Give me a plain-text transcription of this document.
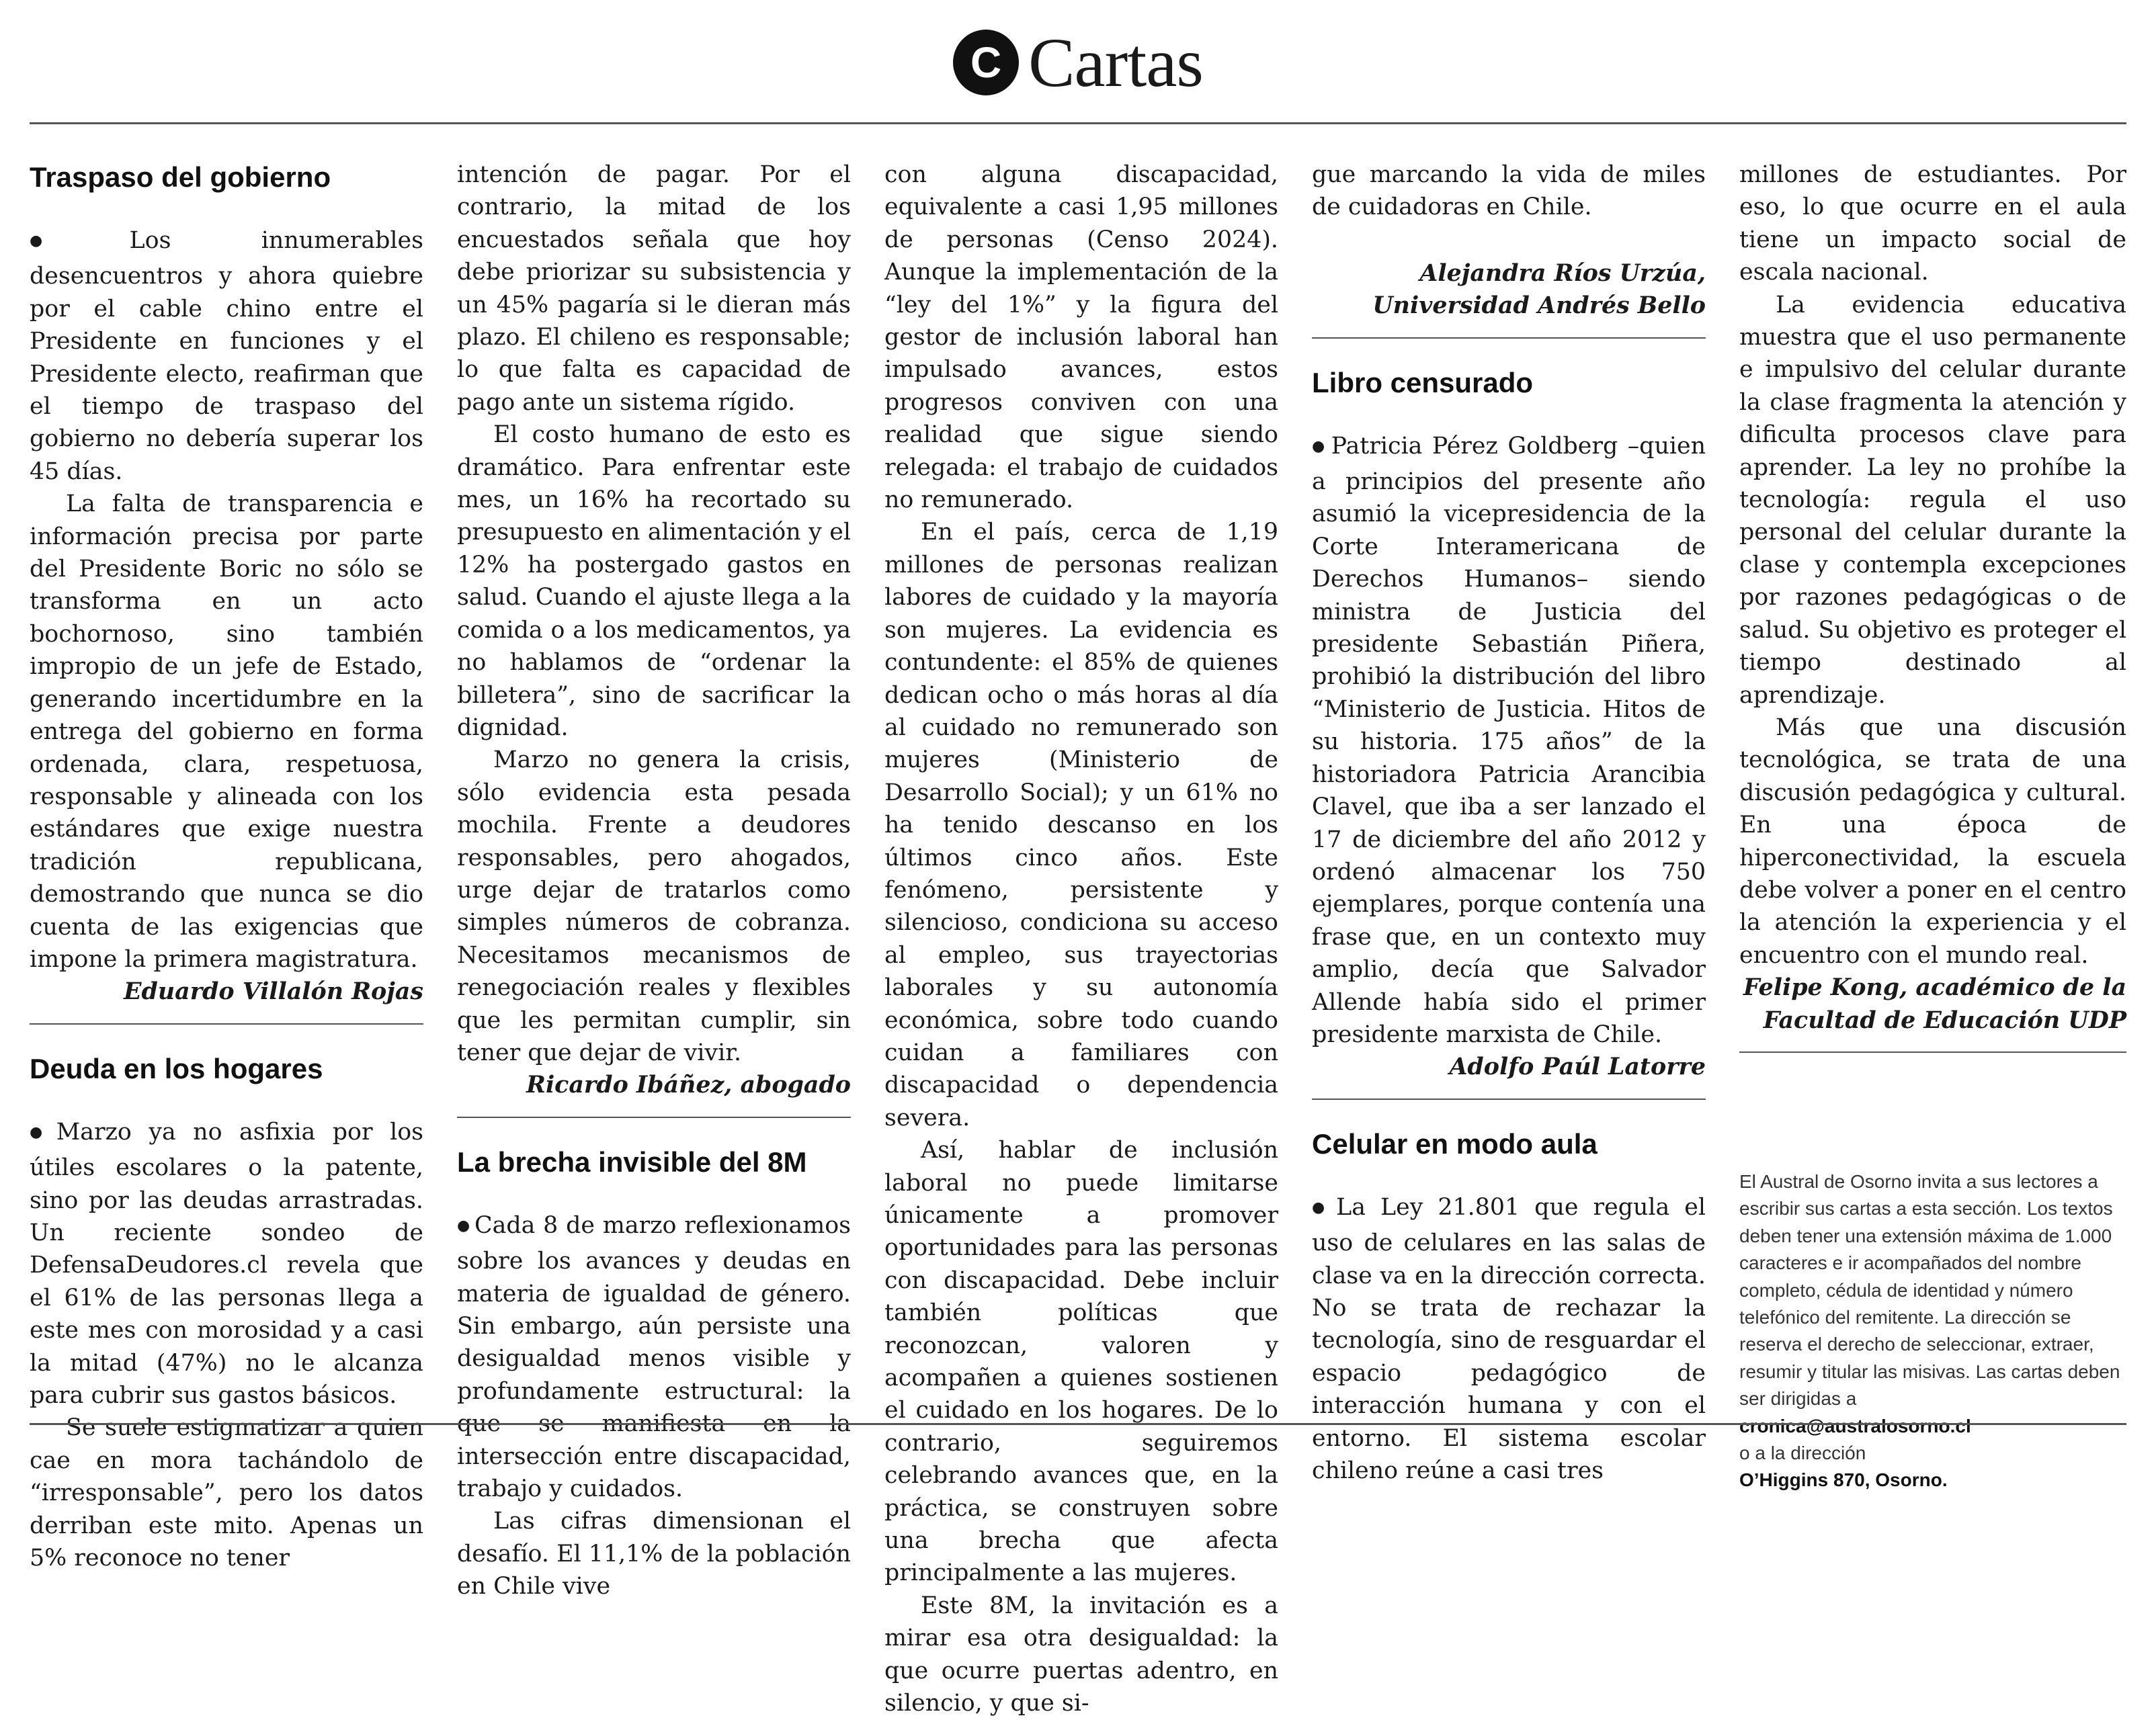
C Cartas
Traspaso del gobierno

● Los innumerables desencuentros y ahora quiebre por el cable chino entre el Presidente en funciones y el Presidente electo, reafirman que el tiempo de traspaso del gobierno no debería superar los 45 días.

La falta de transparencia e información precisa por parte del Presidente Boric no sólo se transforma en un acto bochornoso, sino también impropio de un jefe de Estado, generando incertidumbre en la entrega del gobierno en forma ordenada, clara, respetuosa, responsable y alineada con los estándares que exige nuestra tradición republicana, demostrando que nunca se dio cuenta de las exigencias que impone la primera magistratura.

Eduardo Villalón Rojas

Deuda en los hogares

● Marzo ya no asfixia por los útiles escolares o la patente, sino por las deudas arrastradas. Un reciente sondeo de DefensaDeudores.cl revela que el 61% de las personas llega a este mes con morosidad y a casi la mitad (47%) no le alcanza para cubrir sus gastos básicos.

Se suele estigmatizar a quien cae en mora tachándolo de “irresponsable”, pero los datos derriban este mito. Apenas un 5% reconoce no tener

intención de pagar. Por el contrario, la mitad de los encuestados señala que hoy debe priorizar su subsistencia y un 45% pagaría si le dieran más plazo. El chileno es responsable; lo que falta es capacidad de pago ante un sistema rígido.

El costo humano de esto es dramático. Para enfrentar este mes, un 16% ha recortado su presupuesto en alimentación y el 12% ha postergado gastos en salud. Cuando el ajuste llega a la comida o a los medicamentos, ya no hablamos de “ordenar la billetera”, sino de sacrificar la dignidad.

Marzo no genera la crisis, sólo evidencia esta pesada mochila. Frente a deudores responsables, pero ahogados, urge dejar de tratarlos como simples números de cobranza. Necesitamos mecanismos de renegociación reales y flexibles que les permitan cumplir, sin tener que dejar de vivir.

Ricardo Ibáñez, abogado

La brecha invisible del 8M

● Cada 8 de marzo reflexionamos sobre los avances y deudas en materia de igualdad de género. Sin embargo, aún persiste una desigualdad menos visible y profundamente estructural: la que se manifiesta en la intersección entre discapacidad, trabajo y cuidados.

Las cifras dimensionan el desafío. El 11,1% de la población en Chile vive

con alguna discapacidad, equivalente a casi 1,95 millones de personas (Censo 2024). Aunque la implementación de la “ley del 1%” y la figura del gestor de inclusión laboral han impulsado avances, estos progresos conviven con una realidad que sigue siendo relegada: el trabajo de cuidados no remunerado.

En el país, cerca de 1,19 millones de personas realizan labores de cuidado y la mayoría son mujeres. La evidencia es contundente: el 85% de quienes dedican ocho o más horas al día al cuidado no remunerado son mujeres (Ministerio de Desarrollo Social); y un 61% no ha tenido descanso en los últimos cinco años. Este fenómeno, persistente y silencioso, condiciona su acceso al empleo, sus trayectorias laborales y su autonomía económica, sobre todo cuando cuidan a familiares con discapacidad o dependencia severa.

Así, hablar de inclusión laboral no puede limitarse únicamente a promover oportunidades para las personas con discapacidad. Debe incluir también políticas que reconozcan, valoren y acompañen a quienes sostienen el cuidado en los hogares. De lo contrario, seguiremos celebrando avances que, en la práctica, se construyen sobre una brecha que afecta principalmente a las mujeres.

Este 8M, la invitación es a mirar esa otra desigualdad: la que ocurre puertas adentro, en silencio, y que si-

gue marcando la vida de miles de cuidadoras en Chile.

Alejandra Ríos Urzúa,
Universidad Andrés Bello

Libro censurado

● Patricia Pérez Goldberg –quien a principios del presente año asumió la vicepresidencia de la Corte Interamericana de Derechos Humanos– siendo ministra de Justicia del presidente Sebastián Piñera, prohibió la distribución del libro “Ministerio de Justicia. Hitos de su historia. 175 años” de la historiadora Patricia Arancibia Clavel, que iba a ser lanzado el 17 de diciembre del año 2012 y ordenó almacenar los 750 ejemplares, porque contenía una frase que, en un contexto muy amplio, decía que Salvador Allende había sido el primer presidente marxista de Chile.

Adolfo Paúl Latorre

Celular en modo aula

● La Ley 21.801 que regula el uso de celulares en las salas de clase va en la dirección correcta. No se trata de rechazar la tecnología, sino de resguardar el espacio pedagógico de interacción humana y con el entorno. El sistema escolar chileno reúne a casi tres

millones de estudiantes. Por eso, lo que ocurre en el aula tiene un impacto social de escala nacional.

La evidencia educativa muestra que el uso permanente e impulsivo del celular durante la clase fragmenta la atención y dificulta procesos clave para aprender. La ley no prohíbe la tecnología: regula el uso personal del celular durante la clase y contempla excepciones por razones pedagógicas o de salud. Su objetivo es proteger el tiempo destinado al aprendizaje.

Más que una discusión tecnológica, se trata de una discusión pedagógica y cultural. En una época de hiperconectividad, la escuela debe volver a poner en el centro la atención la experiencia y el encuentro con el mundo real.

Felipe Kong, académico de la
Facultad de Educación UDP

El Austral de Osorno invita a sus lectores a escribir sus cartas a esta sección. Los textos deben tener una extensión máxima de 1.000 caracteres e ir acompañados del nombre completo, cédula de identidad y número telefónico del remitente. La dirección se reserva el derecho de seleccionar, extraer, resumir y titular las misivas. Las cartas deben ser dirigidas a

cronica@australosorno.cl

o a la dirección

O’Higgins 870, Osorno.
